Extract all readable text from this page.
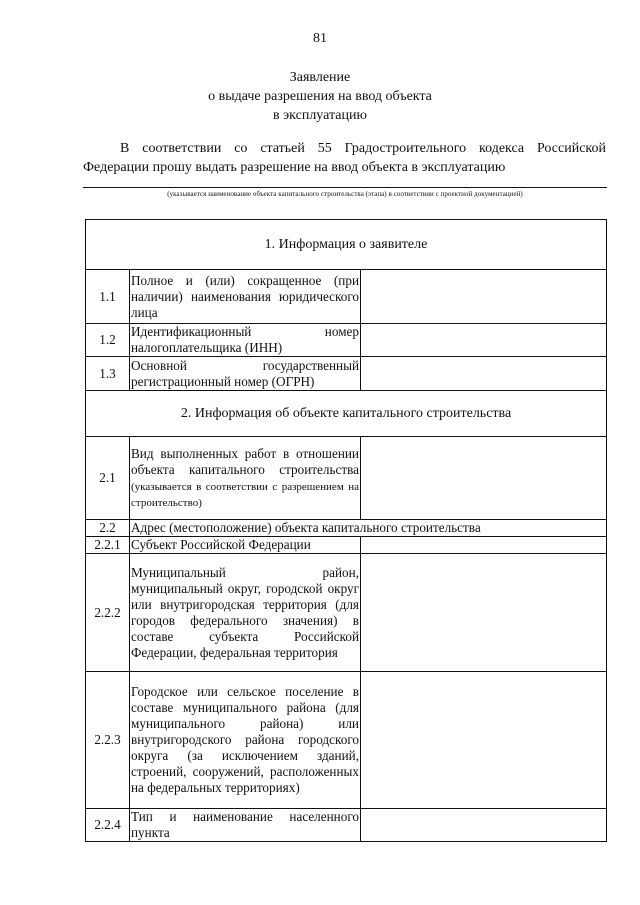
81
Заявление
о выдаче разрешения на ввод объекта
в эксплуатацию

В соответствии со статьей 55 Градостроительного кодекса Российской Федерации прошу выдать разрешение на ввод объекта в эксплуатацию

(указывается наименование объекта капитального строительства (этапа) в соответствии с проектной документацией)
1. Информация о заявителе		
1.1	Полное и (или) сокращенное (при наличии) наименования юридического лица	
1.2	Идентификационный номер налогоплательщика (ИНН)	
1.3	Основной государственный регистрационный номер (ОГРН)	
2. Информация об объекте капитального строительства		
2.1	Вид выполненных работ в отношении объекта капитального строительства (указывается в соответствии с разрешением на строительство)	
2.2	Адрес (местоположение) объекта капитального строительства	
2.2.1	Субъект Российской Федерации	
2.2.2	Муниципальный район, муниципальный округ, городской округ или внутригородская территория (для городов федерального значения) в составе субъекта Российской Федерации, федеральная территория	
2.2.3	Городское или сельское поселение в составе муниципального района (для муниципального района) или внутригородского района городского округа (за исключением зданий, строений, сооружений, расположенных на федеральных территориях)	
2.2.4	Тип и наименование населенного пункта	
